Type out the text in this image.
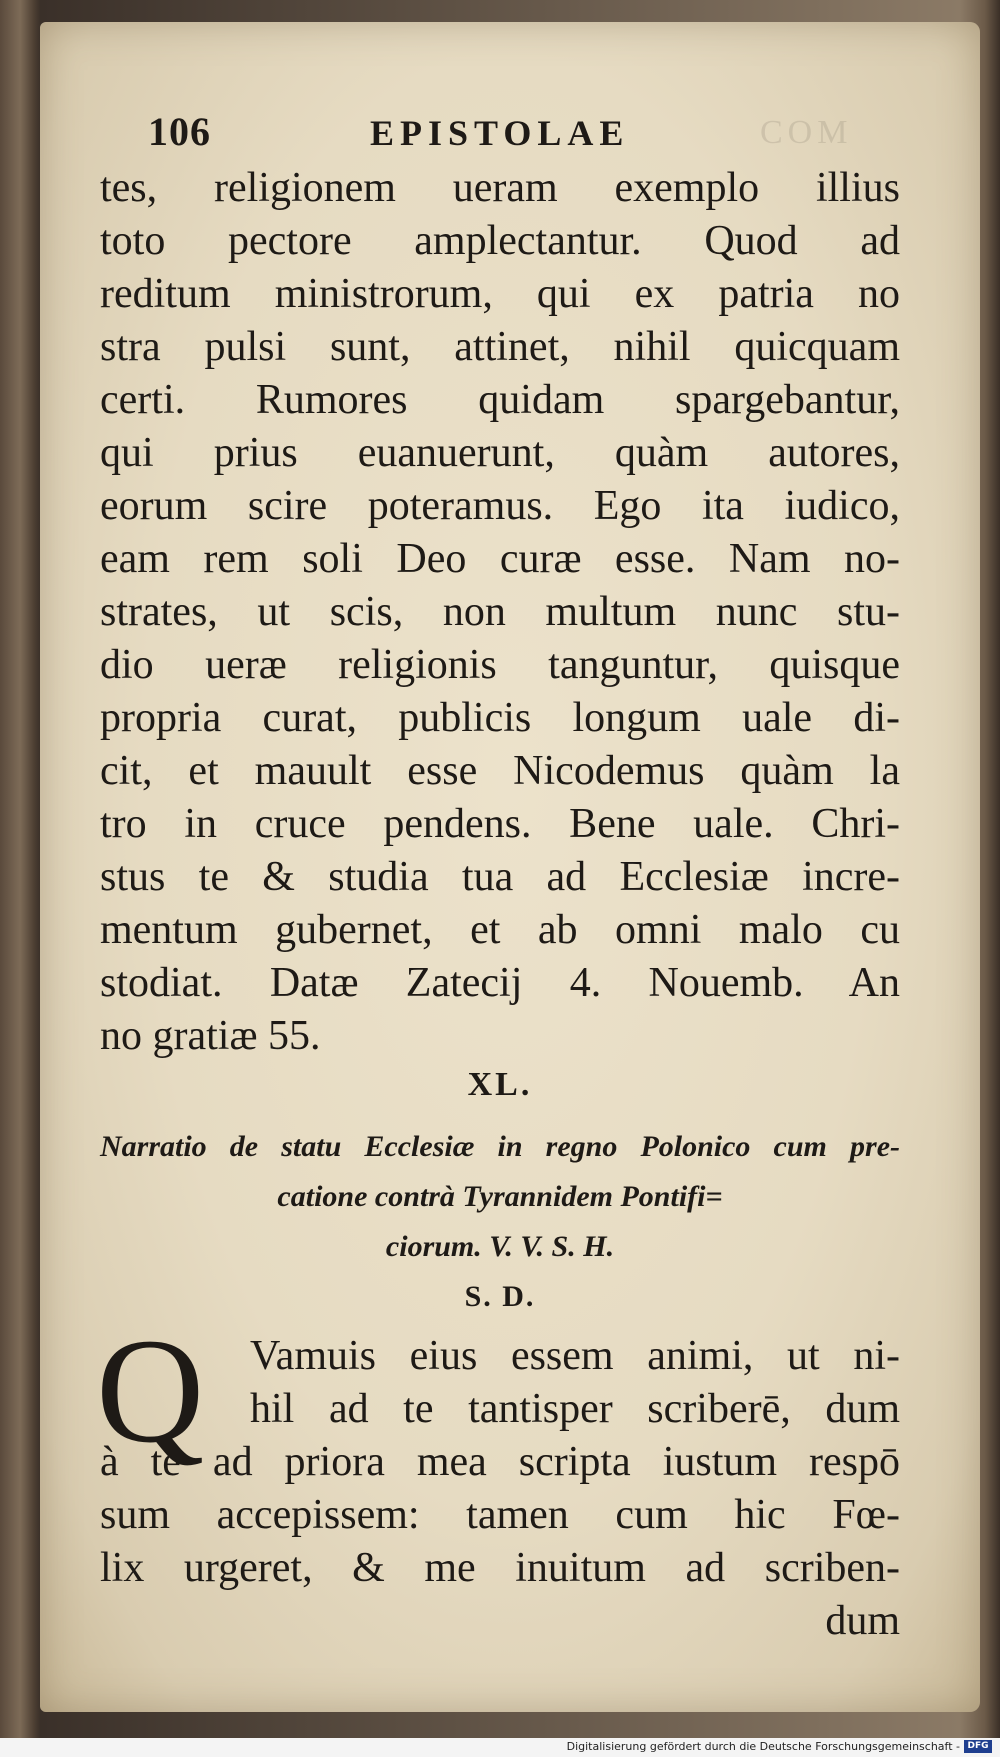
106	EPISTOLAE	COM
tes, religionem ueram exemplo illius
toto pectore amplectantur. Quod ad
reditum ministrorum, qui ex patria no
stra pulsi sunt, attinet, nihil quicquam
certi. Rumores quidam spargebantur,
qui prius euanuerunt, quàm autores,
eorum scire poteramus. Ego ita iudico,
eam rem soli Deo curæ esse. Nam no-
strates, ut scis, non multum nunc stu-
dio ueræ religionis tanguntur, quisque
propria curat, publicis longum uale di-
cit, et mauult esse Nicodemus quàm la
tro in cruce pendens. Bene uale. Chri-
stus te & studia tua ad Ecclesiæ incre-
mentum gubernet, et ab omni malo cu
stodiat. Datæ Zatecij 4. Nouemb. An
no gratiæ 55.
XL.
Narratio de statu Ecclesiæ in regno Polonico cum pre-
catione contrà Tyrannidem Pontifi=
ciorum. V. V. S. H.
S. D.
Q Vamuis eius essem animi, ut ni-
hil ad te tantisper scriberē, dum
à te ad priora mea scripta iustum respō
sum accepissem: tamen cum hic Fœ-
lix urgeret, & me inuitum ad scriben-
dum
Digitalisierung gefördert durch die Deutsche Forschungsgemeinschaft - DFG
